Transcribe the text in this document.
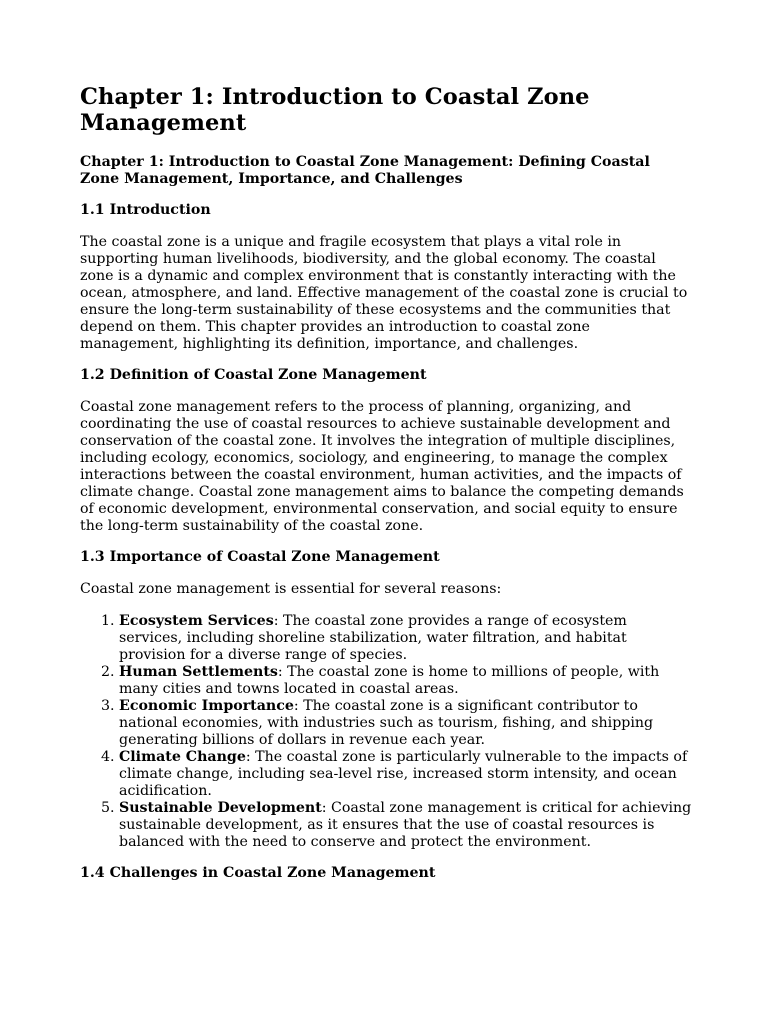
Chapter 1: Introduction to Coastal Zone Management
Chapter 1: Introduction to Coastal Zone Management: Defining Coastal Zone Management, Importance, and Challenges
1.1 Introduction

The coastal zone is a unique and fragile ecosystem that plays a vital role in supporting human livelihoods, biodiversity, and the global economy. The coastal zone is a dynamic and complex environment that is constantly interacting with the ocean, atmosphere, and land. Effective management of the coastal zone is crucial to ensure the long-term sustainability of these ecosystems and the communities that depend on them. This chapter provides an introduction to coastal zone management, highlighting its definition, importance, and challenges.

1.2 Definition of Coastal Zone Management

Coastal zone management refers to the process of planning, organizing, and coordinating the use of coastal resources to achieve sustainable development and conservation of the coastal zone. It involves the integration of multiple disciplines, including ecology, economics, sociology, and engineering, to manage the complex interactions between the coastal environment, human activities, and the impacts of climate change. Coastal zone management aims to balance the competing demands of economic development, environmental conservation, and social equity to ensure the long-term sustainability of the coastal zone.

1.3 Importance of Coastal Zone Management

Coastal zone management is essential for several reasons:

1. Ecosystem Services: The coastal zone provides a range of ecosystem services, including shoreline stabilization, water filtration, and habitat provision for a diverse range of species.
2. Human Settlements: The coastal zone is home to millions of people, with many cities and towns located in coastal areas.
3. Economic Importance: The coastal zone is a significant contributor to national economies, with industries such as tourism, fishing, and shipping generating billions of dollars in revenue each year.
4. Climate Change: The coastal zone is particularly vulnerable to the impacts of climate change, including sea-level rise, increased storm intensity, and ocean acidification.
5. Sustainable Development: Coastal zone management is critical for achieving sustainable development, as it ensures that the use of coastal resources is balanced with the need to conserve and protect the environment.
1.4 Challenges in Coastal Zone Management
